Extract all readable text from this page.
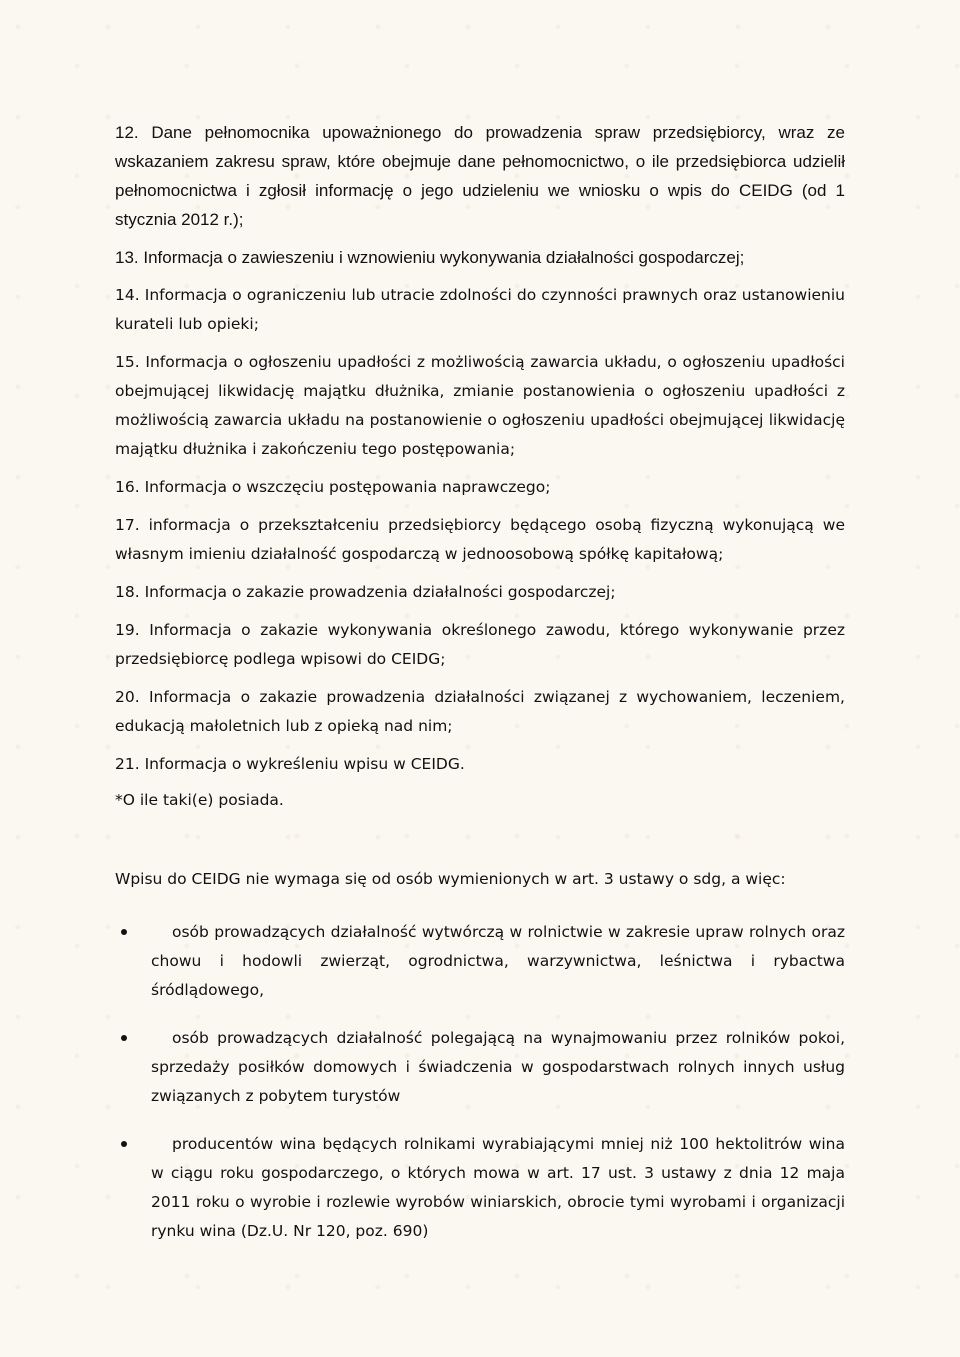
12. Dane pełnomocnika upoważnionego do prowadzenia spraw przedsiębiorcy, wraz ze wskazaniem zakresu spraw, które obejmuje dane pełnomocnictwo, o ile przedsiębiorca udzielił pełnomocnictwa i zgłosił informację o jego udzieleniu we wniosku o wpis do CEIDG (od 1 stycznia 2012 r.);

13. Informacja o zawieszeniu i wznowieniu wykonywania działalności gospodarczej;

14. Informacja o ograniczeniu lub utracie zdolności do czynności prawnych oraz ustanowieniu kurateli lub opieki;

15. Informacja o ogłoszeniu upadłości z możliwością zawarcia układu, o ogłoszeniu upadłości obejmującej likwidację majątku dłużnika, zmianie postanowienia o ogłoszeniu upadłości z możliwością zawarcia układu na postanowienie o ogłoszeniu upadłości obejmującej likwidację majątku dłużnika i zakończeniu tego postępowania;

16. Informacja o wszczęciu postępowania naprawczego;

17. informacja o przekształceniu przedsiębiorcy będącego osobą fizyczną wykonującą we własnym imieniu działalność gospodarczą w jednoosobową spółkę kapitałową;

18. Informacja o zakazie prowadzenia działalności gospodarczej;

19. Informacja o zakazie wykonywania określonego zawodu, którego wykonywanie przez przedsiębiorcę podlega wpisowi do CEIDG;

20. Informacja o zakazie prowadzenia działalności związanej z wychowaniem, leczeniem, edukacją małoletnich lub z opieką nad nim;

21. Informacja o wykreśleniu wpisu w CEIDG.

*O ile taki(e) posiada.

Wpisu do CEIDG nie wymaga się od osób wymienionych w art. 3 ustawy o sdg, a więc:

osób prowadzących działalność wytwórczą w rolnictwie w zakresie upraw rolnych oraz chowu i hodowli zwierząt, ogrodnictwa, warzywnictwa, leśnictwa i rybactwa śródlądowego,
osób prowadzących działalność polegającą na wynajmowaniu przez rolników pokoi, sprzedaży posiłków domowych i świadczenia w gospodarstwach rolnych innych usług związanych z pobytem turystów
producentów wina będących rolnikami wyrabiającymi mniej niż 100 hektolitrów wina w ciągu roku gospodarczego, o których mowa w art. 17 ust. 3 ustawy z dnia 12 maja 2011 roku o wyrobie i rozlewie wyrobów winiarskich, obrocie tymi wyrobami i organizacji rynku wina (Dz.U. Nr 120, poz. 690)
